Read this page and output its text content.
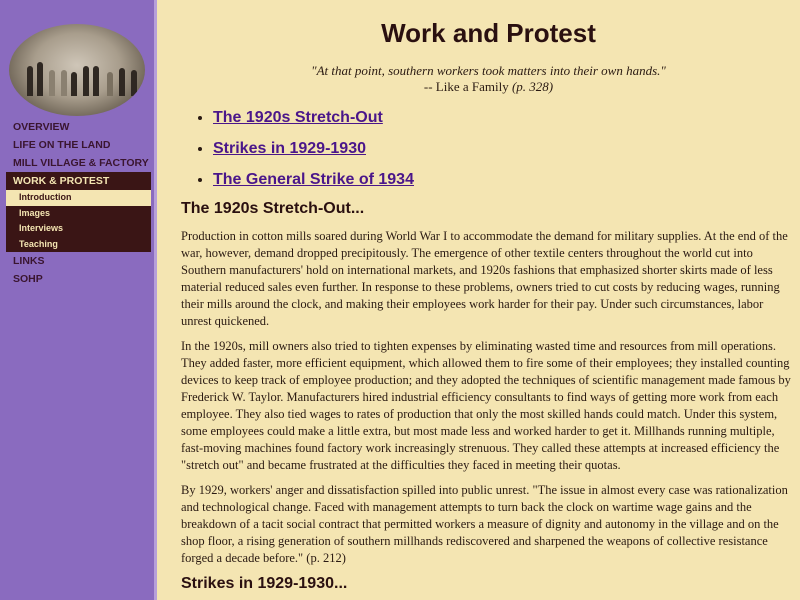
OVERVIEW
LIFE ON THE LAND
MILL VILLAGE & FACTORY
WORK & PROTEST
Introduction
Images
Interviews
Teaching
LINKS
SOHP
Work and Protest
"At that point, southern workers took matters into their own hands."
-- Like a Family (p. 328)
• The 1920s Stretch-Out
• Strikes in 1929-1930
• The General Strike of 1934
The 1920s Stretch-Out...

Production in cotton mills soared during World War I to accommodate the demand for military supplies. At the end of the war, however, demand dropped precipitously. The emergence of other textile centers throughout the world cut into Southern manufacturers' hold on international markets, and 1920s fashions that emphasized shorter skirts made of less material reduced sales even further. In response to these problems, owners tried to cut costs by reducing wages, running their mills around the clock, and making their employees work harder for their pay. Under such circumstances, labor unrest quickened.

In the 1920s, mill owners also tried to tighten expenses by eliminating wasted time and resources from mill operations. They added faster, more efficient equipment, which allowed them to fire some of their employees; they installed counting devices to keep track of employee production; and they adopted the techniques of scientific management made famous by Frederick W. Taylor. Manufacturers hired industrial efficiency consultants to find ways of getting more work from each employee. They also tied wages to rates of production that only the most skilled hands could match. Under this system, some employees could make a little extra, but most made less and worked harder to get it. Millhands running multiple, fast-moving machines found factory work increasingly strenuous. They called these attempts at increased efficiency the "stretch out" and became frustrated at the difficulties they faced in meeting their quotas.

By 1929, workers' anger and dissatisfaction spilled into public unrest. "The issue in almost every case was rationalization and technological change. Faced with management attempts to turn back the clock on wartime wage gains and the breakdown of a tacit social contract that permitted workers a measure of dignity and autonomy in the village and on the shop floor, a rising generation of southern millhands rediscovered and sharpened the weapons of collective resistance forged a decade before." (p. 212)

Strikes in 1929-1930...
